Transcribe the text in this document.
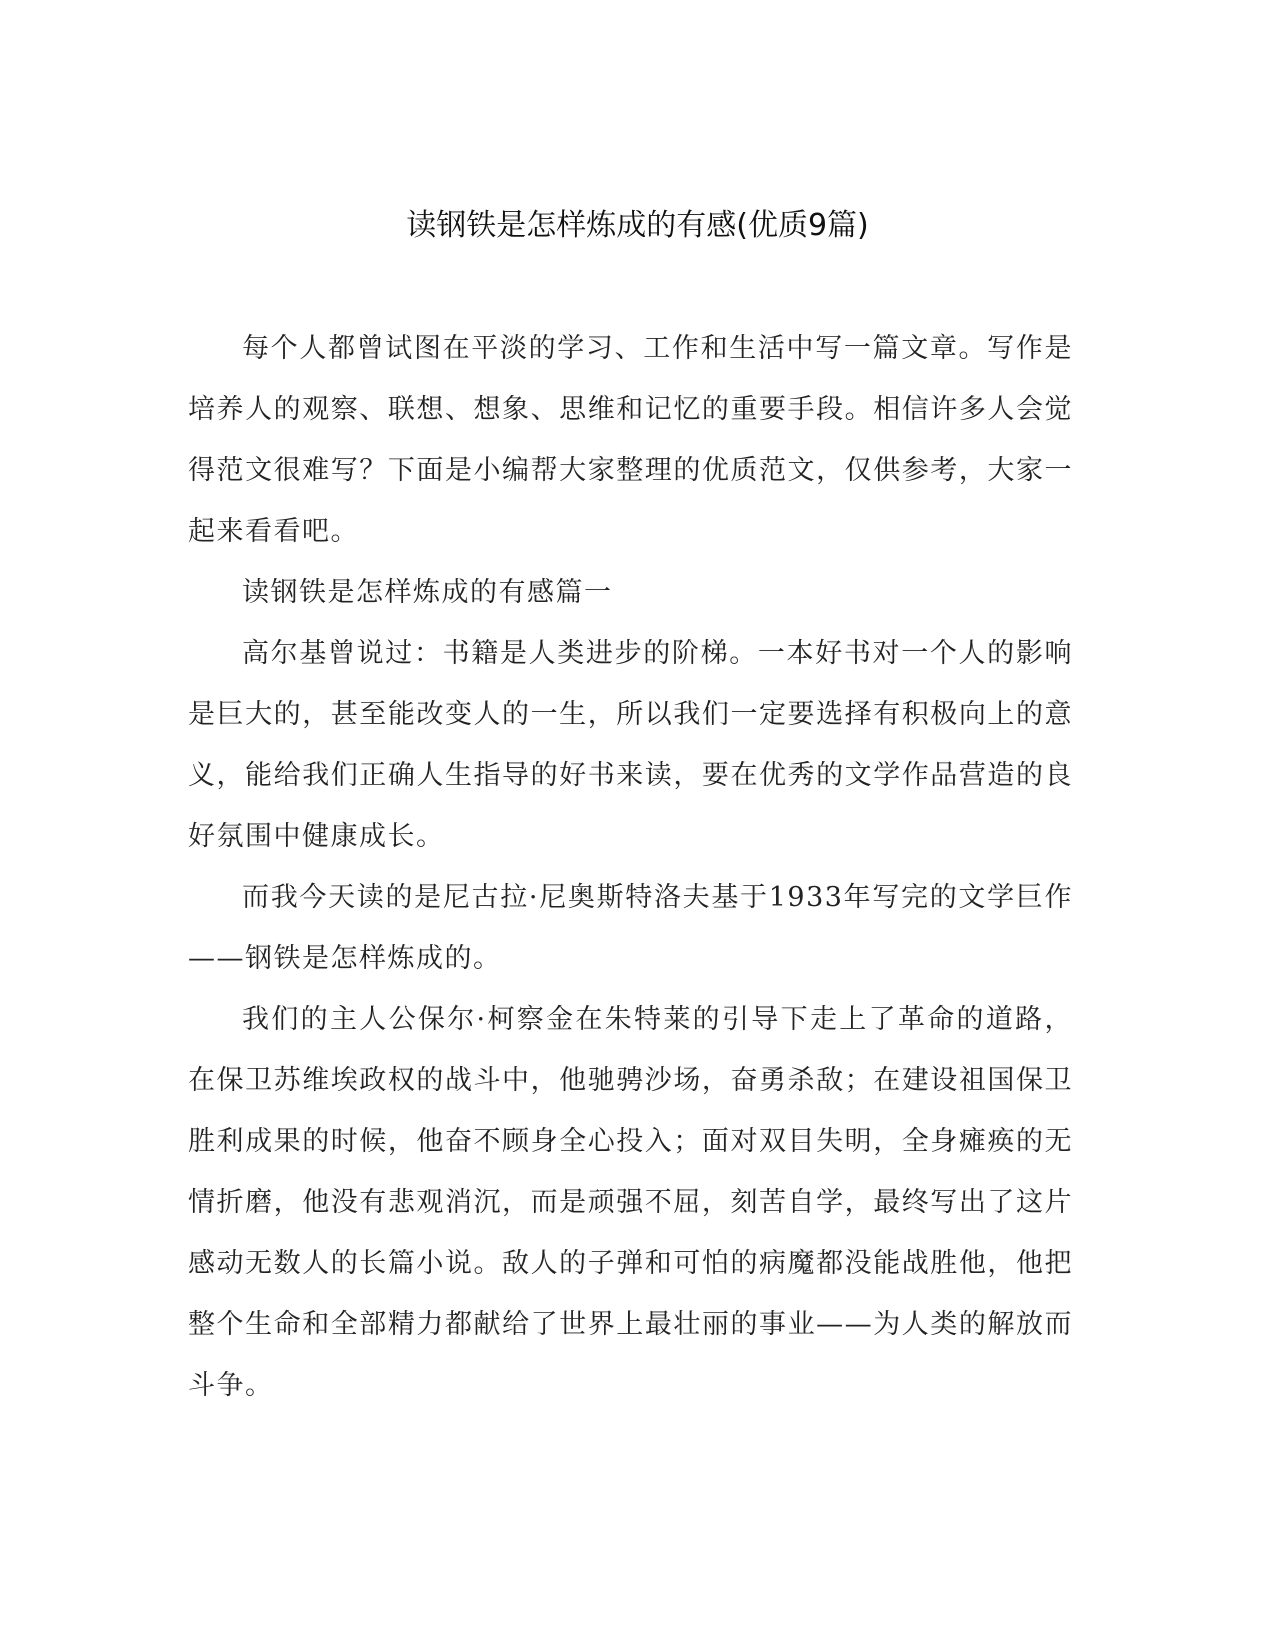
读钢铁是怎样炼成的有感(优质9篇)

每个人都曾试图在平淡的学习、工作和生活中写一篇文章。写作是培养人的观察、联想、想象、思维和记忆的重要手段。相信许多人会觉得范文很难写？下面是小编帮大家整理的优质范文，仅供参考，大家一起来看看吧。

读钢铁是怎样炼成的有感篇一

高尔基曾说过：书籍是人类进步的阶梯。一本好书对一个人的影响是巨大的，甚至能改变人的一生，所以我们一定要选择有积极向上的意义，能给我们正确人生指导的好书来读，要在优秀的文学作品营造的良好氛围中健康成长。

而我今天读的是尼古拉·尼奥斯特洛夫基于1933年写完的文学巨作——钢铁是怎样炼成的。

我们的主人公保尔·柯察金在朱特莱的引导下走上了革命的道路，在保卫苏维埃政权的战斗中，他驰骋沙场，奋勇杀敌；在建设祖国保卫胜利成果的时候，他奋不顾身全心投入；面对双目失明，全身瘫痪的无情折磨，他没有悲观消沉，而是顽强不屈，刻苦自学，最终写出了这片感动无数人的长篇小说。敌人的子弹和可怕的病魔都没能战胜他，他把整个生命和全部精力都献给了世界上最壮丽的事业——为人类的解放而斗争。
